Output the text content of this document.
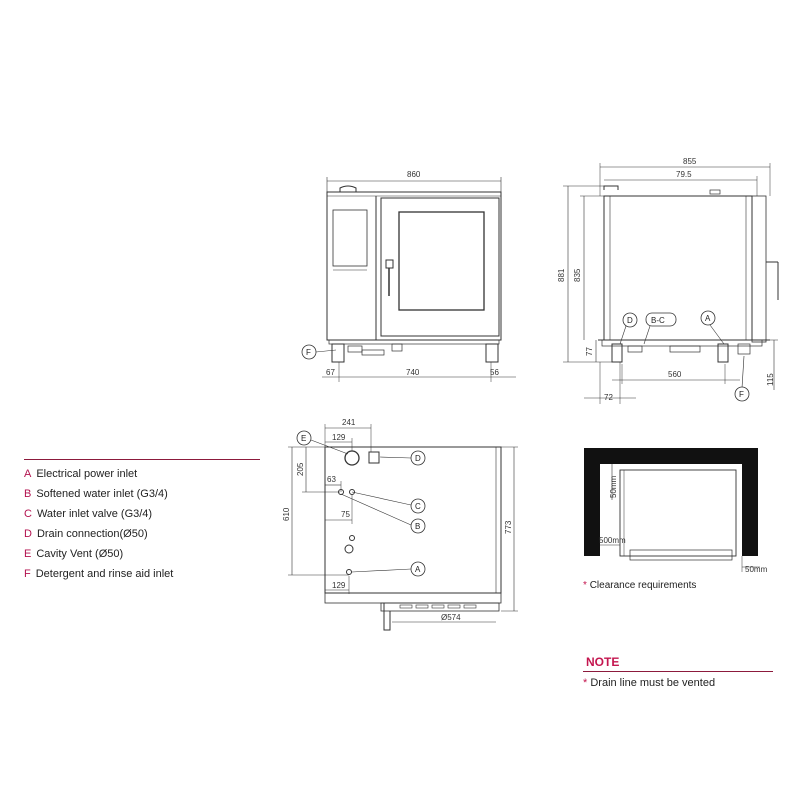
860
F
67	740	56
855
79.5
881 835
77
72
560	115
D B-C	A
F
241
129
205
63
75
610
773
129
Ø574
E
D
C
B
A
50mm
500mm
50mm
A Electrical power inlet
B Softened water inlet (G3/4)
C Water inlet valve (G3/4)
D Drain connection(Ø50)
E Cavity Vent (Ø50)
F Detergent and rinse aid inlet
* Clearance requirements
NOTE
* Drain line must be vented
